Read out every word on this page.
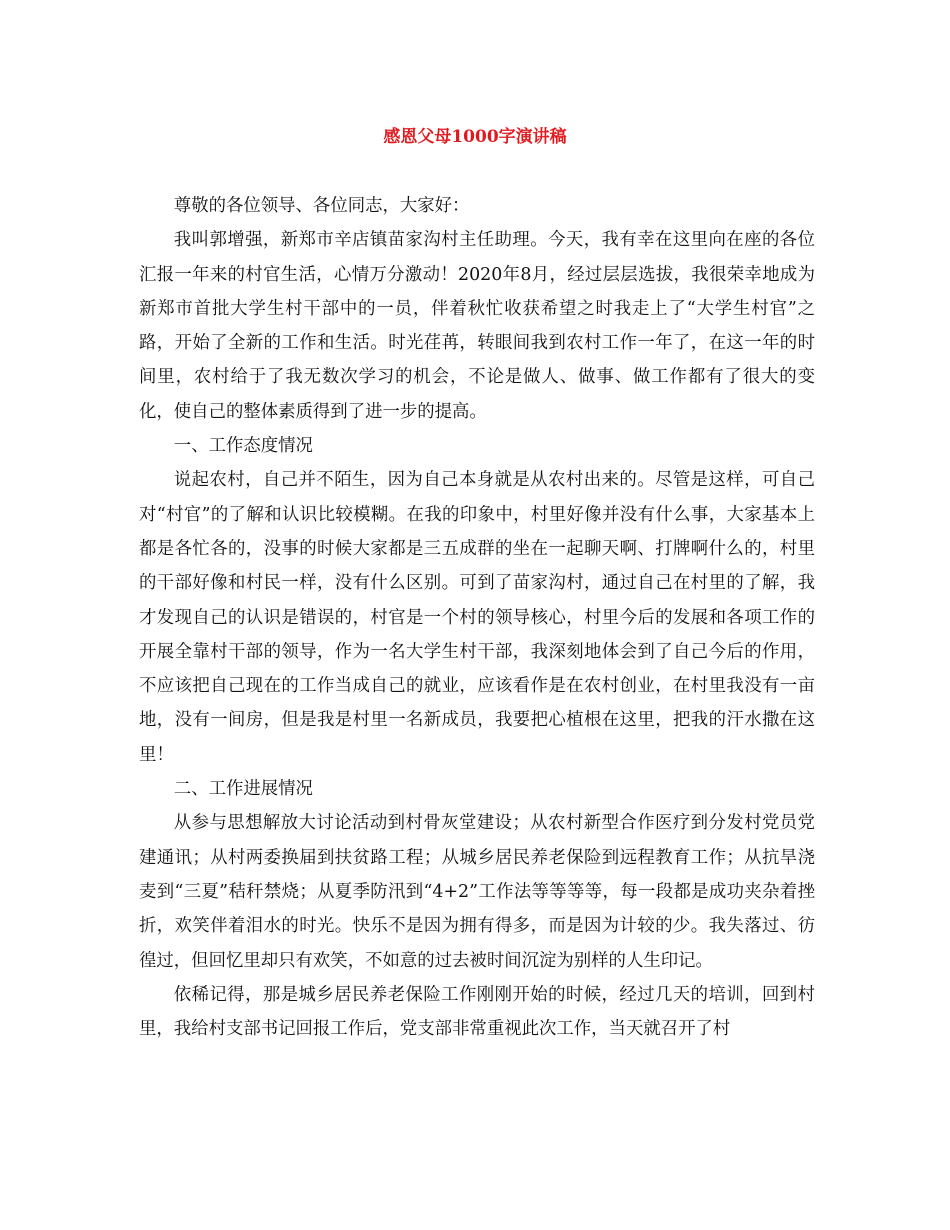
感恩父母1000字演讲稿

尊敬的各位领导、各位同志，大家好：

我叫郭增强，新郑市辛店镇苗家沟村主任助理。今天，我有幸在这里向在座的各位汇报一年来的村官生活，心情万分激动！2020年8月，经过层层选拔，我很荣幸地成为新郑市首批大学生村干部中的一员，伴着秋忙收获希望之时我走上了“大学生村官”之路，开始了全新的工作和生活。时光荏苒，转眼间我到农村工作一年了，在这一年的时间里，农村给于了我无数次学习的机会，不论是做人、做事、做工作都有了很大的变化，使自己的整体素质得到了进一步的提高。

一、工作态度情况

说起农村，自己并不陌生，因为自己本身就是从农村出来的。尽管是这样，可自己对“村官”的了解和认识比较模糊。在我的印象中，村里好像并没有什么事，大家基本上都是各忙各的，没事的时候大家都是三五成群的坐在一起聊天啊、打牌啊什么的，村里的干部好像和村民一样，没有什么区别。可到了苗家沟村，通过自己在村里的了解，我才发现自己的认识是错误的，村官是一个村的领导核心，村里今后的发展和各项工作的开展全靠村干部的领导，作为一名大学生村干部，我深刻地体会到了自己今后的作用，不应该把自己现在的工作当成自己的就业，应该看作是在农村创业，在村里我没有一亩地，没有一间房，但是我是村里一名新成员，我要把心植根在这里，把我的汗水撒在这里！

二、工作进展情况

从参与思想解放大讨论活动到村骨灰堂建设；从农村新型合作医疗到分发村党员党建通讯；从村两委换届到扶贫路工程；从城乡居民养老保险到远程教育工作；从抗旱浇麦到“三夏”秸秆禁烧；从夏季防汛到“4+2”工作法等等等等，每一段都是成功夹杂着挫折，欢笑伴着泪水的时光。快乐不是因为拥有得多，而是因为计较的少。我失落过、彷徨过，但回忆里却只有欢笑，不如意的过去被时间沉淀为别样的人生印记。

依稀记得，那是城乡居民养老保险工作刚刚开始的时候，经过几天的培训，回到村里，我给村支部书记回报工作后，党支部非常重视此次工作，当天就召开了村
